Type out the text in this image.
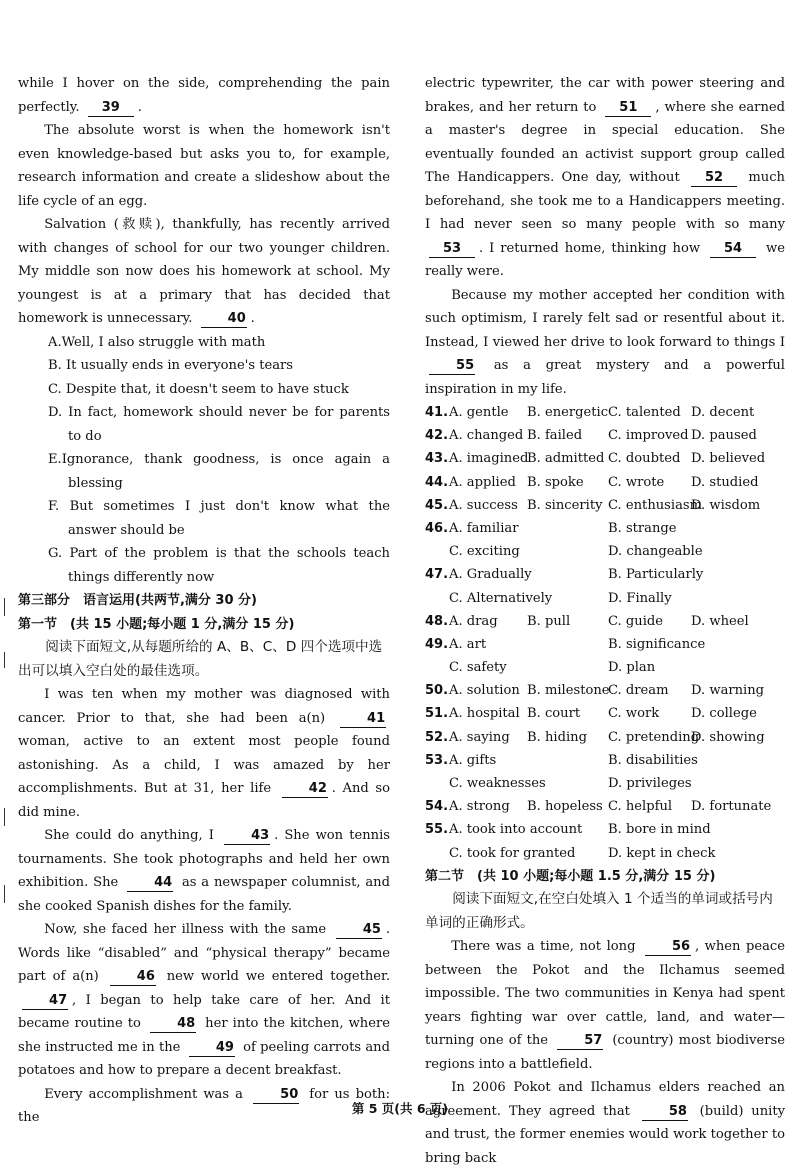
while I hover on the side, comprehending the pain perfectly. 39 .

The absolute worst is when the homework isn't even knowledge-based but asks you to, for example, research information and create a slideshow about the life cycle of an egg.

Salvation (救赎), thankfully, has recently arrived with changes of school for our two younger children. My middle son now does his homework at school. My youngest is at a primary that has decided that homework is unnecessary.	40 .

A.Well, I also struggle with math
B. It usually ends in everyone's tears
C. Despite that, it doesn't seem to have stuck
D. In fact, homework should never be for parents to do
E.Ignorance, thank goodness, is once again a blessing
F. But sometimes I just don't know what the answer should be
G. Part of the problem is that the schools teach things differently now

第三部分　语言运用(共两节,满分 30 分)

第一节　(共 15 小题;每小题 1 分,满分 15 分)

阅读下面短文,从每题所给的 A、B、C、D 四个选项中选出可以填入空白处的最佳选项。

I was ten when my mother was diagnosed with cancer. Prior to that, she had been a(n)	41 woman, active to an extent most people found astonishing. As a child, I was amazed by her accomplishments. But at 31, her life	42 . And so did mine.

She could do anything, I	43 . She won tennis tournaments. She took photographs and held her own exhibition. She	44 as a newspaper columnist, and she cooked Spanish dishes for the family.

Now, she faced her illness with the same	45 . Words like “disabled” and “physical therapy” became part of a(n)	46 new world we entered together. 47 , I began to help take care of her. And it became routine to	48 her into the kitchen, where she instructed me in the	49 of peeling carrots and potatoes and how to prepare a decent breakfast.

Every accomplishment was a	50 for us both: the

electric typewriter, the car with power steering and brakes, and her return to 51 , where she earned a master's degree in special education. She eventually founded an activist support group called The Handicappers. One day, without 52 much beforehand, she took me to a Handicappers meeting. I had never seen so many people with so many 53 . I returned home, thinking how 54 we really were.

Because my mother accepted her condition with such optimism, I rarely felt sad or resentful about it. Instead, I viewed her drive to look forward to things I 55 as a great mystery and a powerful inspiration in my life.

41. A. gentle B. energetic C. talented D. decent
42. A. changed B. failed C. improved D. paused
43. A. imagined
B. admitted C. doubted D. believed
44. A. applied B. spoke C. wrote D. studied
45. A. success B. sincerity C. enthusiasm
D. wisdom
46. A. familiar	B. strange
C. exciting	D. changeable
47. A. Gradually	B. Particularly
C. Alternatively	D. Finally
48. A. drag B. pull	C. guide D. wheel
49. A. art	B. significance
C. safety	D. plan
50. A. solution B. milestone
C. dream D. warning
51. A. hospital B. court C. work D. college
52. A. saying B. hiding C. pretending
D. showing
53. A. gifts	B. disabilities
C. weaknesses	D. privileges
54. A. strong B. hopeless C. helpful D. fortunate
55. A. took into account B. bore in mind
C. took for granted D. kept in check

第二节　(共 10 小题;每小题 1.5 分,满分 15 分)

阅读下面短文,在空白处填入 1 个适当的单词或括号内单词的正确形式。

There was a time, not long	56 , when peace between the Pokot and the Ilchamus seemed impossible. The two communities in Kenya had spent years fighting war over cattle, land, and water—turning one of the	57 (country) most biodiverse regions into a battlefield.

In 2006 Pokot and Ilchamus elders reached an agreement. They agreed that	58 (build) unity and trust, the former enemies would work together to bring back

第 5 页(共 6 页)
